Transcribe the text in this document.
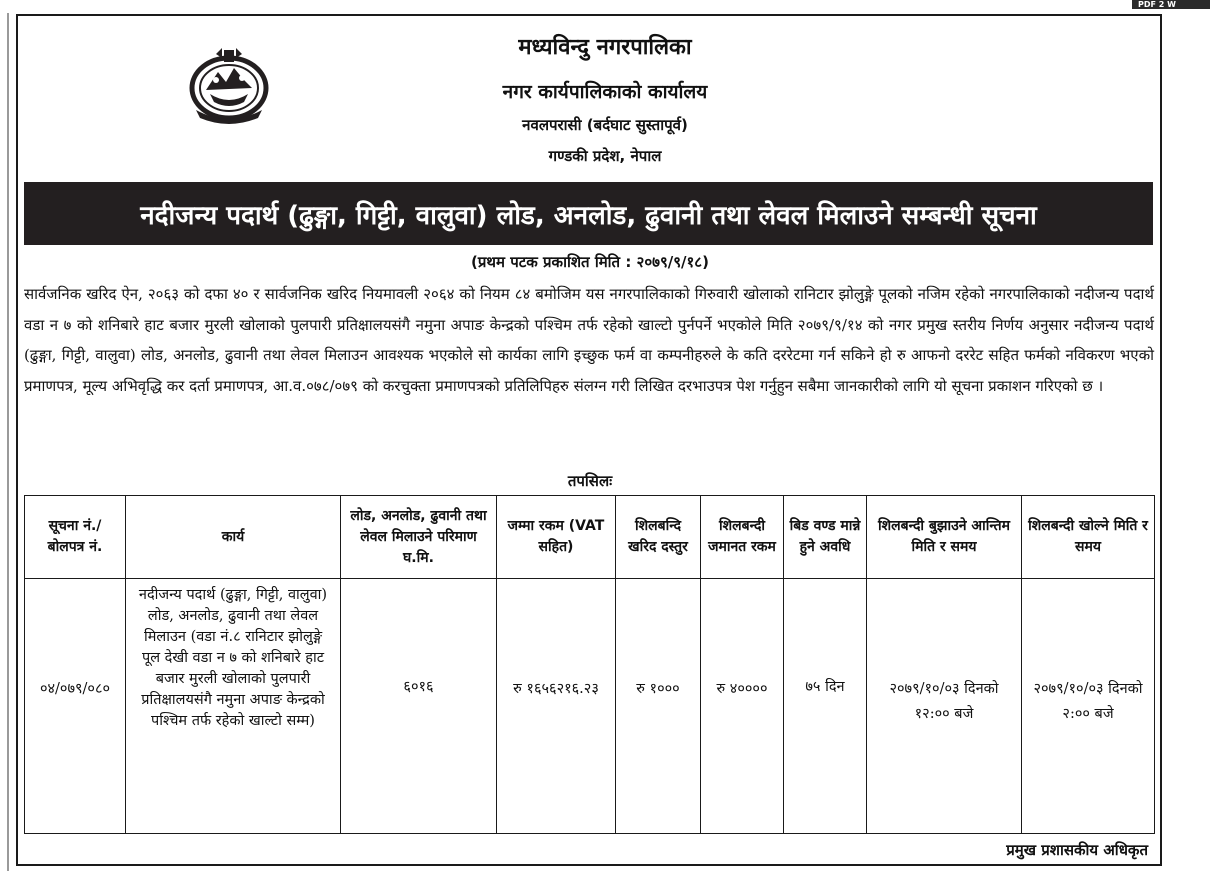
PDF 2 W
मध्यविन्दु नगरपालिका
नगर कार्यपालिकाको कार्यालय
नवलपरासी (बर्दघाट सुस्तापूर्व)
गण्डकी प्रदेश, नेपाल
नदीजन्य पदार्थ (ढुङ्गा, गिट्टी, वालुवा) लोड, अनलोड, ढुवानी तथा लेवल मिलाउने सम्बन्धी सूचना
(प्रथम पटक प्रकाशित मिति : २०७९/९/१८)
सार्वजनिक खरिद ऐन, २०६३ को दफा ४० र सार्वजनिक खरिद नियमावली २०६४ को नियम ८४ बमोजिम यस नगरपालिकाको गिरुवारी खोलाको रानिटार झोलुङ्गे पूलको नजिम रहेको नगरपालिकाको नदीजन्य पदार्थ वडा न ७ को शनिबारे हाट बजार मुरली खोलाको पुलपारी प्रतिक्षालयसंगै नमुना अपाङ केन्द्रको पश्चिम तर्फ रहेको खाल्टो पुर्नपर्ने भएकोले मिति २०७९/९/१४ को नगर प्रमुख स्तरीय निर्णय अनुसार नदीजन्य पदार्थ (ढुङ्गा, गिट्टी, वालुवा) लोड, अनलोड, ढुवानी तथा लेवल मिलाउन आवश्यक भएकोले सो कार्यका लागि इच्छुक फर्म वा कम्पनीहरुले के कति दररेटमा गर्न सकिने हो रु आफनो दररेट सहित फर्मको नविकरण भएको प्रमाणपत्र, मूल्य अभिवृद्धि कर दर्ता प्रमाणपत्र, आ.व.०७८/०७९ को करचुक्ता प्रमाणपत्रको प्रतिलिपिहरु संलग्न गरी लिखित दरभाउपत्र पेश गर्नुहुन सबैमा जानकारीको लागि यो सूचना प्रकाशन गरिएको छ ।
तपसिलः
सूचना नं./ बोलपत्र नं.	कार्य	लोड, अनलोड, ढुवानी तथा लेवल मिलाउने परिमाण घ.मि.	जम्मा रकम (VAT सहित)	शिलबन्दि खरिद दस्तुर	शिलबन्दी जमानत रकम	बिड वण्ड मान्ने हुने अवधि	शिलबन्दी बुझाउने आन्तिम मिति र समय	शिलबन्दी खोल्ने मिति र समय
०४/०७९/०८०	नदीजन्य पदार्थ (ढुङ्गा, गिट्टी, वालुवा) लोड, अनलोड, ढुवानी तथा लेवल मिलाउन (वडा नं.८ रानिटार झोलुङ्गे पूल देखी वडा न ७ को शनिबारे हाट बजार मुरली खोलाको पुलपारी प्रतिक्षालयसंगै नमुना अपाङ केन्द्रको पश्चिम तर्फ रहेको खाल्टो सम्म)	६०१६	रु १६५६२१६.२३	रु १०००	रु ४००००	७५ दिन	२०७९/१०/०३ दिनको १२:०० बजे	२०७९/१०/०३ दिनको २:०० बजे
प्रमुख प्रशासकीय अधिकृत
